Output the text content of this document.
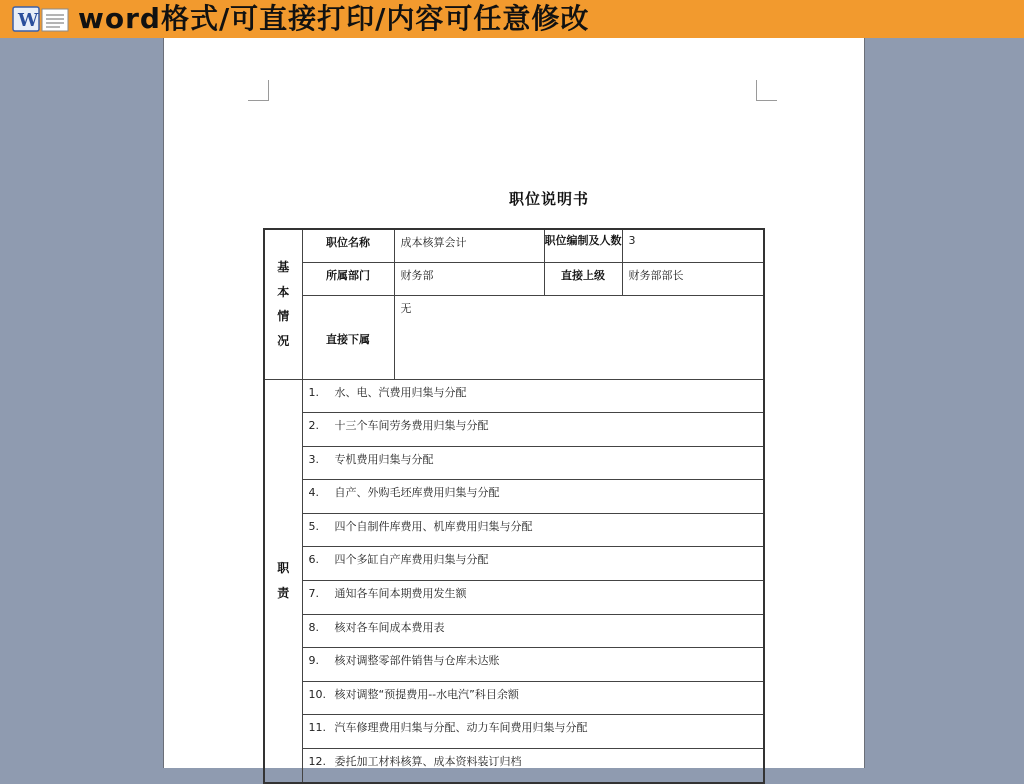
W word格式/可直接打印/内容可任意修改
职位说明书
基
本
情
况	职位名称	成本核算会计	职位编制及人数	3
	所属部门	财务部	直接上级	财务部部长
	直接下属	无		

职
责	1. 水、电、汽费用归集与分配			
	2. 十三个车间劳务费用归集与分配			
	3. 专机费用归集与分配			
	4. 自产、外购毛坯库费用归集与分配			
	5. 四个自制件库费用、机库费用归集与分配			
	6. 四个多缸自产库费用归集与分配			
	7. 通知各车间本期费用发生额			
	8. 核对各车间成本费用表			
	9. 核对调整零部件销售与仓库未达账			
	10. 核对调整“预提费用--水电汽”科目余额			
	11. 汽车修理费用归集与分配、动力车间费用归集与分配			
	12. 委托加工材料核算、成本资料装订归档			
